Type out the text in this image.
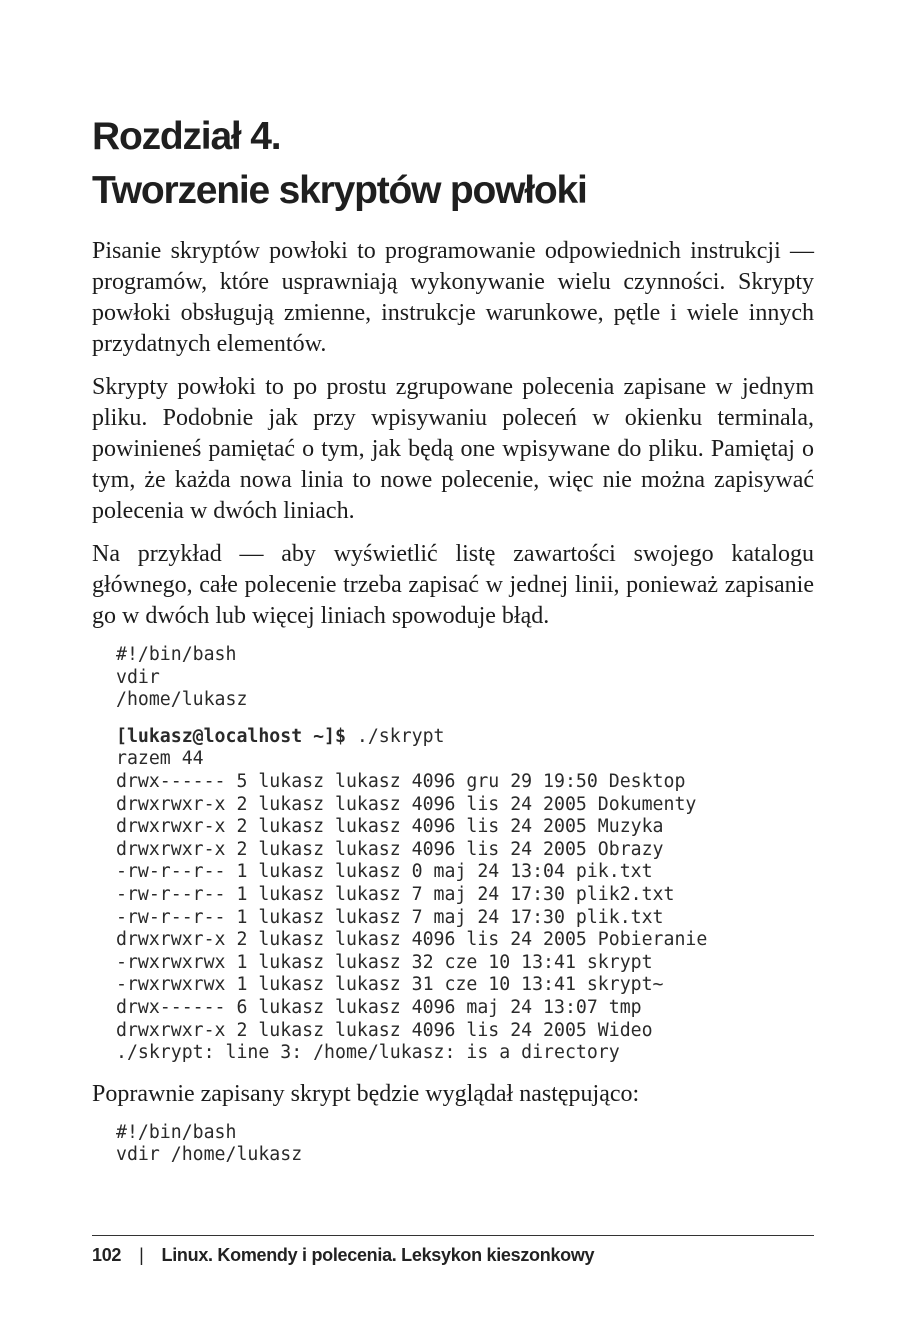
Rozdział 4.
Tworzenie skryptów powłoki

Pisanie skryptów powłoki to programowanie odpowiednich instrukcji — programów, które usprawniają wykonywanie wielu czynności. Skrypty powłoki obsługują zmienne, instrukcje warunkowe, pętle i wiele innych przydatnych elementów.

Skrypty powłoki to po prostu zgrupowane polecenia zapisane w jednym pliku. Podobnie jak przy wpisywaniu poleceń w okienku terminala, powinieneś pamiętać o tym, jak będą one wpisywane do pliku. Pamiętaj o tym, że każda nowa linia to nowe polecenie, więc nie można zapisywać polecenia w dwóch liniach.

Na przykład — aby wyświetlić listę zawartości swojego katalogu głównego, całe polecenie trzeba zapisać w jednej linii, ponieważ zapisanie go w dwóch lub więcej liniach spowoduje błąd.

#!/bin/bash
vdir
/home/lukasz
[lukasz@localhost ~]$ ./skrypt
razem 44
drwx------ 5 lukasz lukasz 4096 gru 29 19:50 Desktop
drwxrwxr-x 2 lukasz lukasz 4096 lis 24 2005 Dokumenty
drwxrwxr-x 2 lukasz lukasz 4096 lis 24 2005 Muzyka
drwxrwxr-x 2 lukasz lukasz 4096 lis 24 2005 Obrazy
-rw-r--r-- 1 lukasz lukasz 0 maj 24 13:04 pik.txt
-rw-r--r-- 1 lukasz lukasz 7 maj 24 17:30 plik2.txt
-rw-r--r-- 1 lukasz lukasz 7 maj 24 17:30 plik.txt
drwxrwxr-x 2 lukasz lukasz 4096 lis 24 2005 Pobieranie
-rwxrwxrwx 1 lukasz lukasz 32 cze 10 13:41 skrypt
-rwxrwxrwx 1 lukasz lukasz 31 cze 10 13:41 skrypt~
drwx------ 6 lukasz lukasz 4096 maj 24 13:07 tmp
drwxrwxr-x 2 lukasz lukasz 4096 lis 24 2005 Wideo
./skrypt: line 3: /home/lukasz: is a directory

Poprawnie zapisany skrypt będzie wyglądał następująco:

#!/bin/bash
vdir /home/lukasz
102 | Linux. Komendy i polecenia. Leksykon kieszonkowy
